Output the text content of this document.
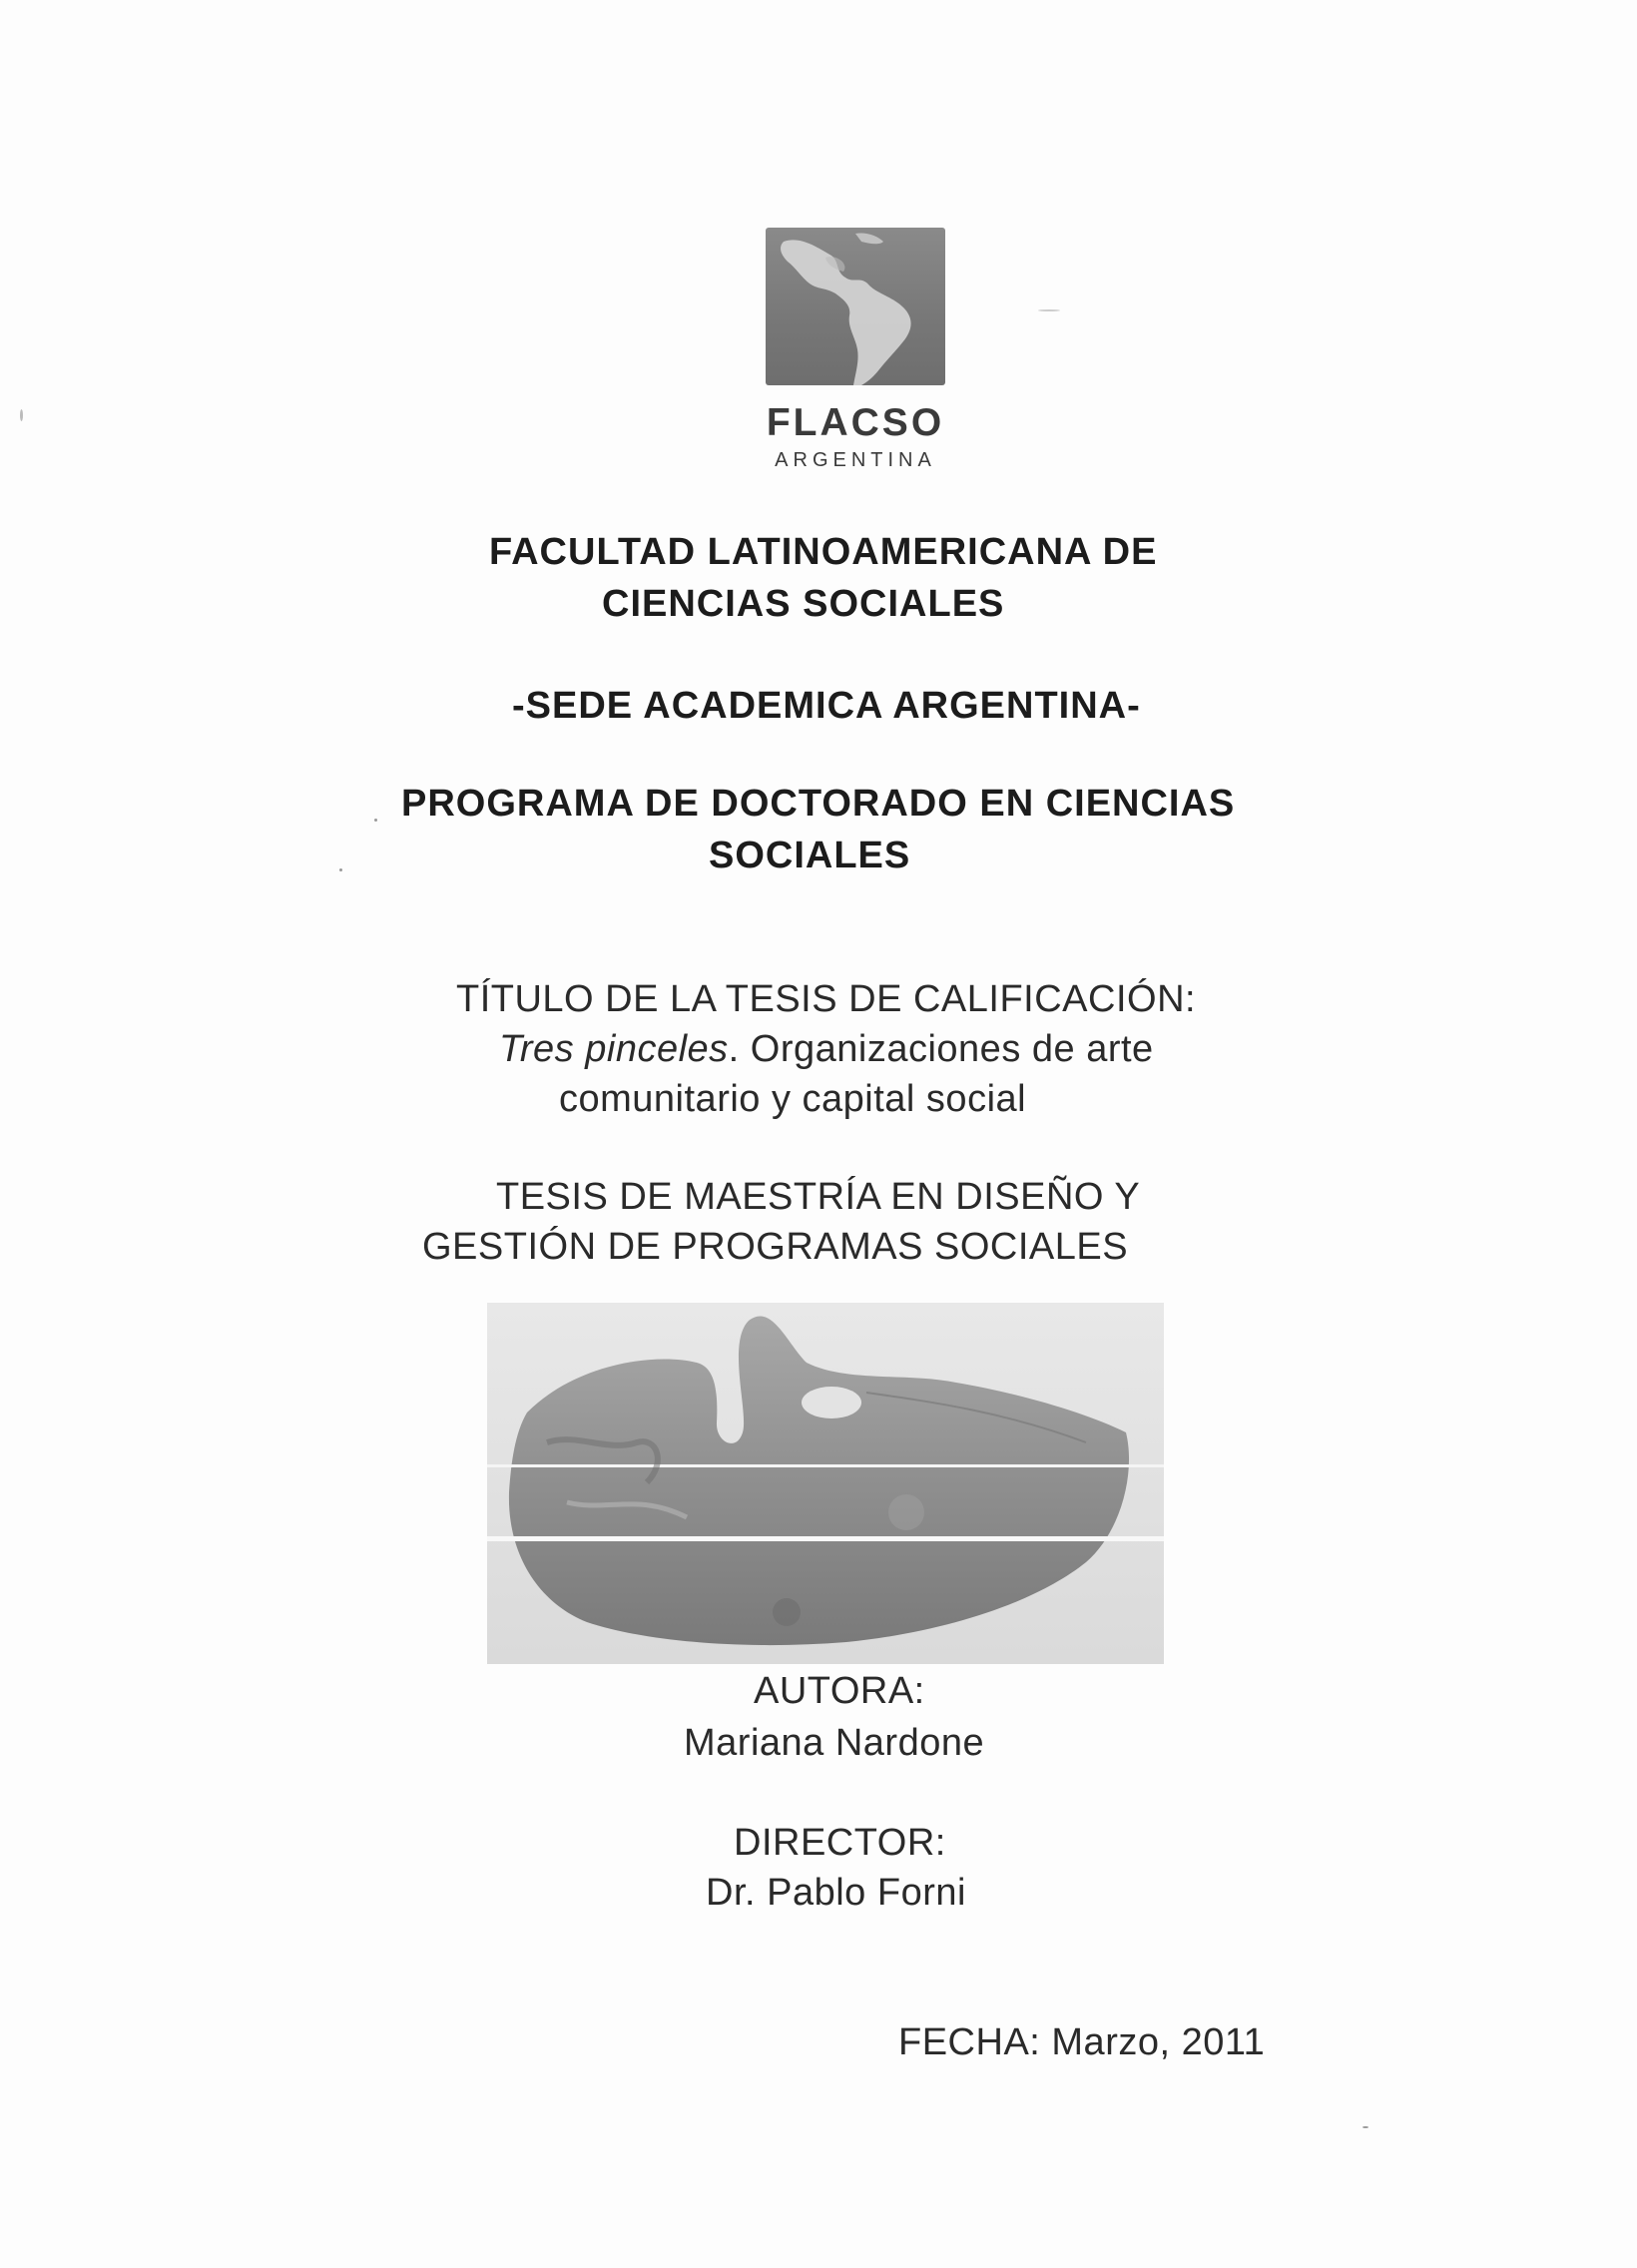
FLACSO
ARGENTINA
FACULTAD LATINOAMERICANA DE
CIENCIAS SOCIALES
-SEDE ACADEMICA ARGENTINA-
PROGRAMA DE DOCTORADO EN CIENCIAS
SOCIALES
TÍTULO DE LA TESIS DE CALIFICACIÓN:
Tres pinceles. Organizaciones de arte
comunitario y capital social
TESIS DE MAESTRÍA EN DISEÑO Y
GESTIÓN DE PROGRAMAS SOCIALES
AUTORA:
Mariana Nardone
DIRECTOR:
Dr. Pablo Forni
FECHA: Marzo, 2011
